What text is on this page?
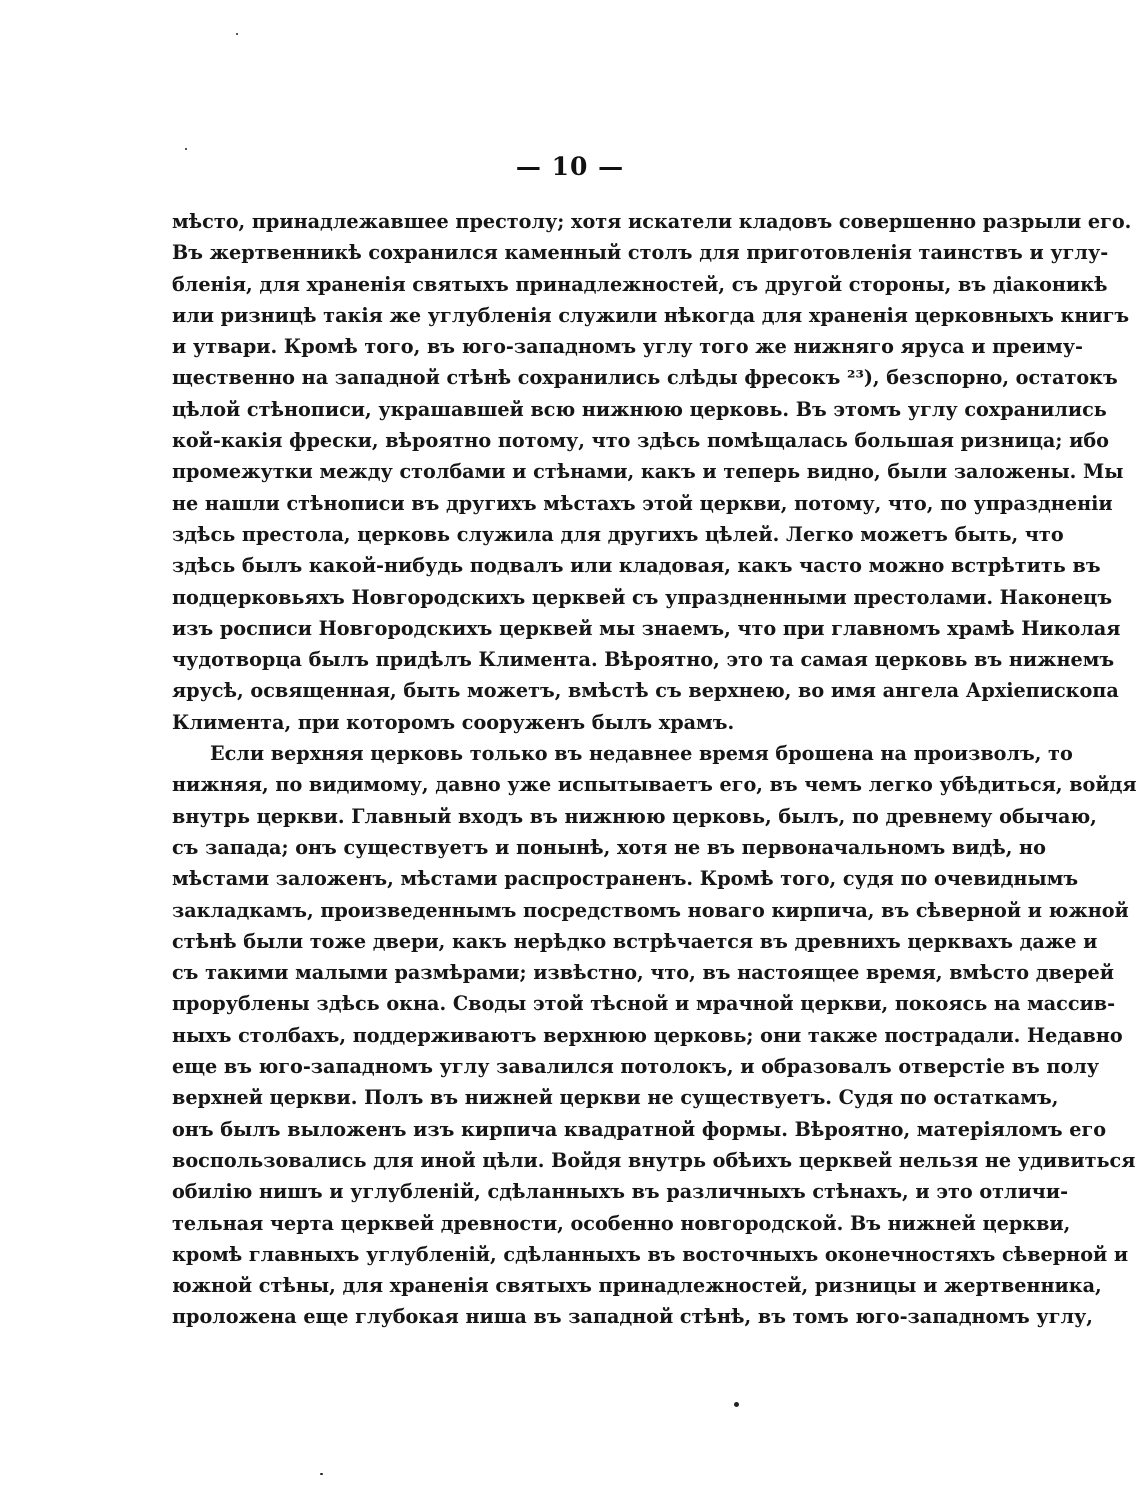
— 10 —
мѣсто, принадлежавшее престолу; хотя искатели кладовъ совершенно разрыли его.
Въ жертвенникѣ сохранился каменный столъ для приготовленія таинствъ и углу-
бленія, для храненія святыхъ принадлежностей, съ другой стороны, въ діаконикѣ
или ризницѣ такія же углубленія служили нѣкогда для храненія церковныхъ книгъ
и утвари. Кромѣ того, въ юго-западномъ углу того же нижняго яруса и преиму-
щественно на западной стѣнѣ сохранились слѣды фресокъ ²³), безспорно, остатокъ
цѣлой стѣнописи, украшавшей всю нижнюю церковь. Въ этомъ углу сохранились
кой-какія фрески, вѣроятно потому, что здѣсь помѣщалась большая ризница; ибо
промежутки между столбами и стѣнами, какъ и теперь видно, были заложены. Мы
не нашли стѣнописи въ другихъ мѣстахъ этой церкви, потому, что, по упраздненіи
здѣсь престола, церковь служила для другихъ цѣлей. Легко можетъ быть, что
здѣсь былъ какой-нибудь подвалъ или кладовая, какъ часто можно встрѣтить въ
подцерковьяхъ Новгородскихъ церквей съ упраздненными престолами. Наконецъ
изъ росписи Новгородскихъ церквей мы знаемъ, что при главномъ храмѣ Николая
чудотворца былъ придѣлъ Климента. Вѣроятно, это та самая церковь въ нижнемъ
ярусѣ, освященная, быть можетъ, вмѣстѣ съ верхнею, во имя ангела Архіепископа
Климента, при которомъ сооруженъ былъ храмъ.
Если верхняя церковь только въ недавнее время брошена на произволъ, то
нижняя, по видимому, давно уже испытываетъ его, въ чемъ легко убѣдиться, войдя
внутрь церкви. Главный входъ въ нижнюю церковь, былъ, по древнему обычаю,
съ запада; онъ существуетъ и понынѣ, хотя не въ первоначальномъ видѣ, но
мѣстами заложенъ, мѣстами распространенъ. Кромѣ того, судя по очевиднымъ
закладкамъ, произведеннымъ посредствомъ новаго кирпича, въ сѣверной и южной
стѣнѣ были тоже двери, какъ нерѣдко встрѣчается въ древнихъ церквахъ даже и
съ такими малыми размѣрами; извѣстно, что, въ настоящее время, вмѣсто дверей
прорублены здѣсь окна. Своды этой тѣсной и мрачной церкви, покоясь на массив-
ныхъ столбахъ, поддерживаютъ верхнюю церковь; они также пострадали. Недавно
еще въ юго-западномъ углу завалился потолокъ, и образовалъ отверстіе въ полу
верхней церкви. Полъ въ нижней церкви не существуетъ. Судя по остаткамъ,
онъ былъ выложенъ изъ кирпича квадратной формы. Вѣроятно, матеріяломъ его
воспользовались для иной цѣли. Войдя внутрь обѣихъ церквей нельзя не удивиться
обилію нишъ и углубленій, сдѣланныхъ въ различныхъ стѣнахъ, и это отличи-
тельная черта церквей древности, особенно новгородской. Въ нижней церкви,
кромѣ главныхъ углубленій, сдѣланныхъ въ восточныхъ оконечностяхъ сѣверной и
южной стѣны, для храненія святыхъ принадлежностей, ризницы и жертвенника,
проложена еще глубокая ниша въ западной стѣнѣ, въ томъ юго-западномъ углу,
